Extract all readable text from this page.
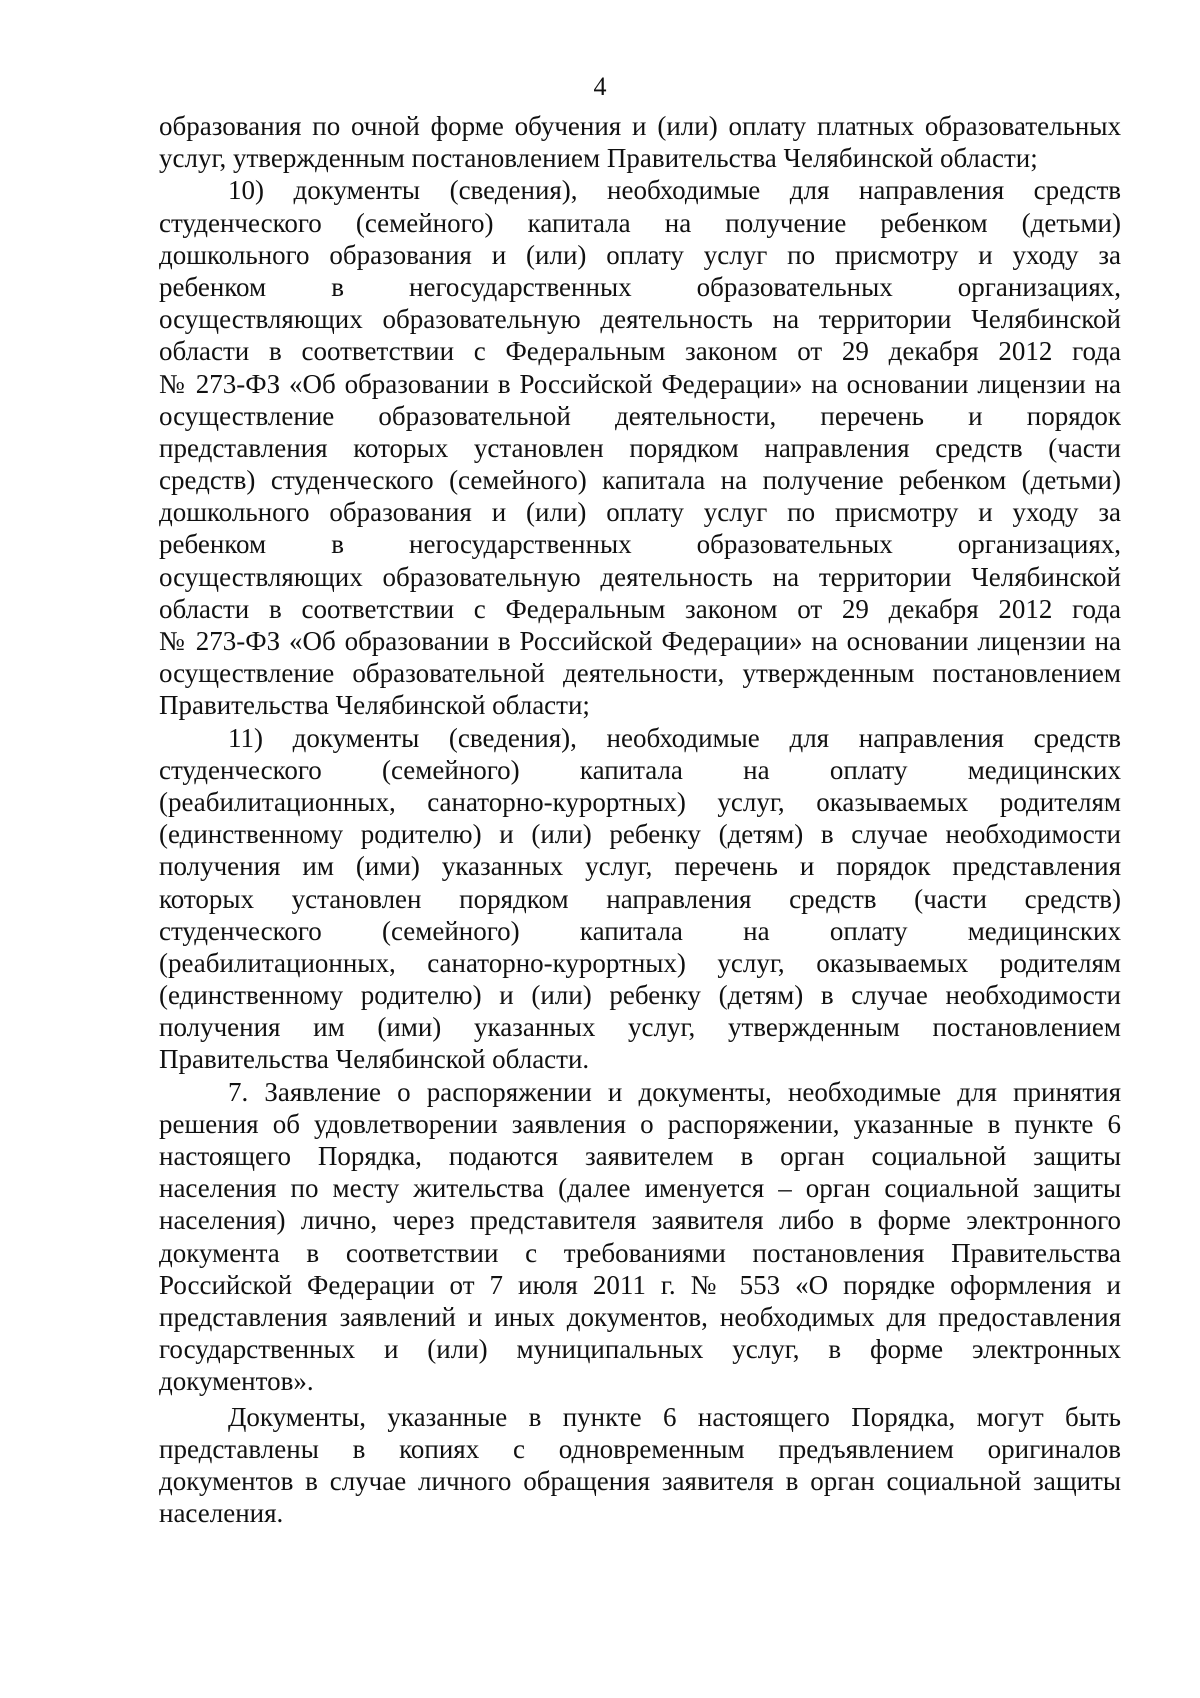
4
образования по очной форме обучения и (или) оплату платных образовательных
услуг, утвержденным постановлением Правительства Челябинской области;
10) документы (сведения), необходимые для направления средств
студенческого (семейного) капитала на получение ребенком (детьми)
дошкольного образования и (или) оплату услуг по присмотру и уходу за
ребенком в негосударственных образовательных организациях,
осуществляющих образовательную деятельность на территории Челябинской
области в соответствии с Федеральным законом от 29 декабря 2012 года
№ 273-ФЗ «Об образовании в Российской Федерации» на основании лицензии на
осуществление образовательной деятельности, перечень и порядок
представления которых установлен порядком направления средств (части
средств) студенческого (семейного) капитала на получение ребенком (детьми)
дошкольного образования и (или) оплату услуг по присмотру и уходу за
ребенком в негосударственных образовательных организациях,
осуществляющих образовательную деятельность на территории Челябинской
области в соответствии с Федеральным законом от 29 декабря 2012 года
№ 273-ФЗ «Об образовании в Российской Федерации» на основании лицензии на
осуществление образовательной деятельности, утвержденным постановлением
Правительства Челябинской области;
11) документы (сведения), необходимые для направления средств
студенческого (семейного) капитала на оплату медицинских
(реабилитационных, санаторно-курортных) услуг, оказываемых родителям
(единственному родителю) и (или) ребенку (детям) в случае необходимости
получения им (ими) указанных услуг, перечень и порядок представления
которых установлен порядком направления средств (части средств)
студенческого (семейного) капитала на оплату медицинских
(реабилитационных, санаторно-курортных) услуг, оказываемых родителям
(единственному родителю) и (или) ребенку (детям) в случае необходимости
получения им (ими) указанных услуг, утвержденным постановлением
Правительства Челябинской области.
7. Заявление о распоряжении и документы, необходимые для принятия
решения об удовлетворении заявления о распоряжении, указанные в пункте 6
настоящего Порядка, подаются заявителем в орган социальной защиты
населения по месту жительства (далее именуется – орган социальной защиты
населения) лично, через представителя заявителя либо в форме электронного
документа в соответствии с требованиями постановления Правительства
Российской Федерации от 7 июля 2011 г. № 553 «О порядке оформления и
представления заявлений и иных документов, необходимых для предоставления
государственных и (или) муниципальных услуг, в форме электронных
документов».
Документы, указанные в пункте 6 настоящего Порядка, могут быть
представлены в копиях с одновременным предъявлением оригиналов
документов в случае личного обращения заявителя в орган социальной защиты
населения.
